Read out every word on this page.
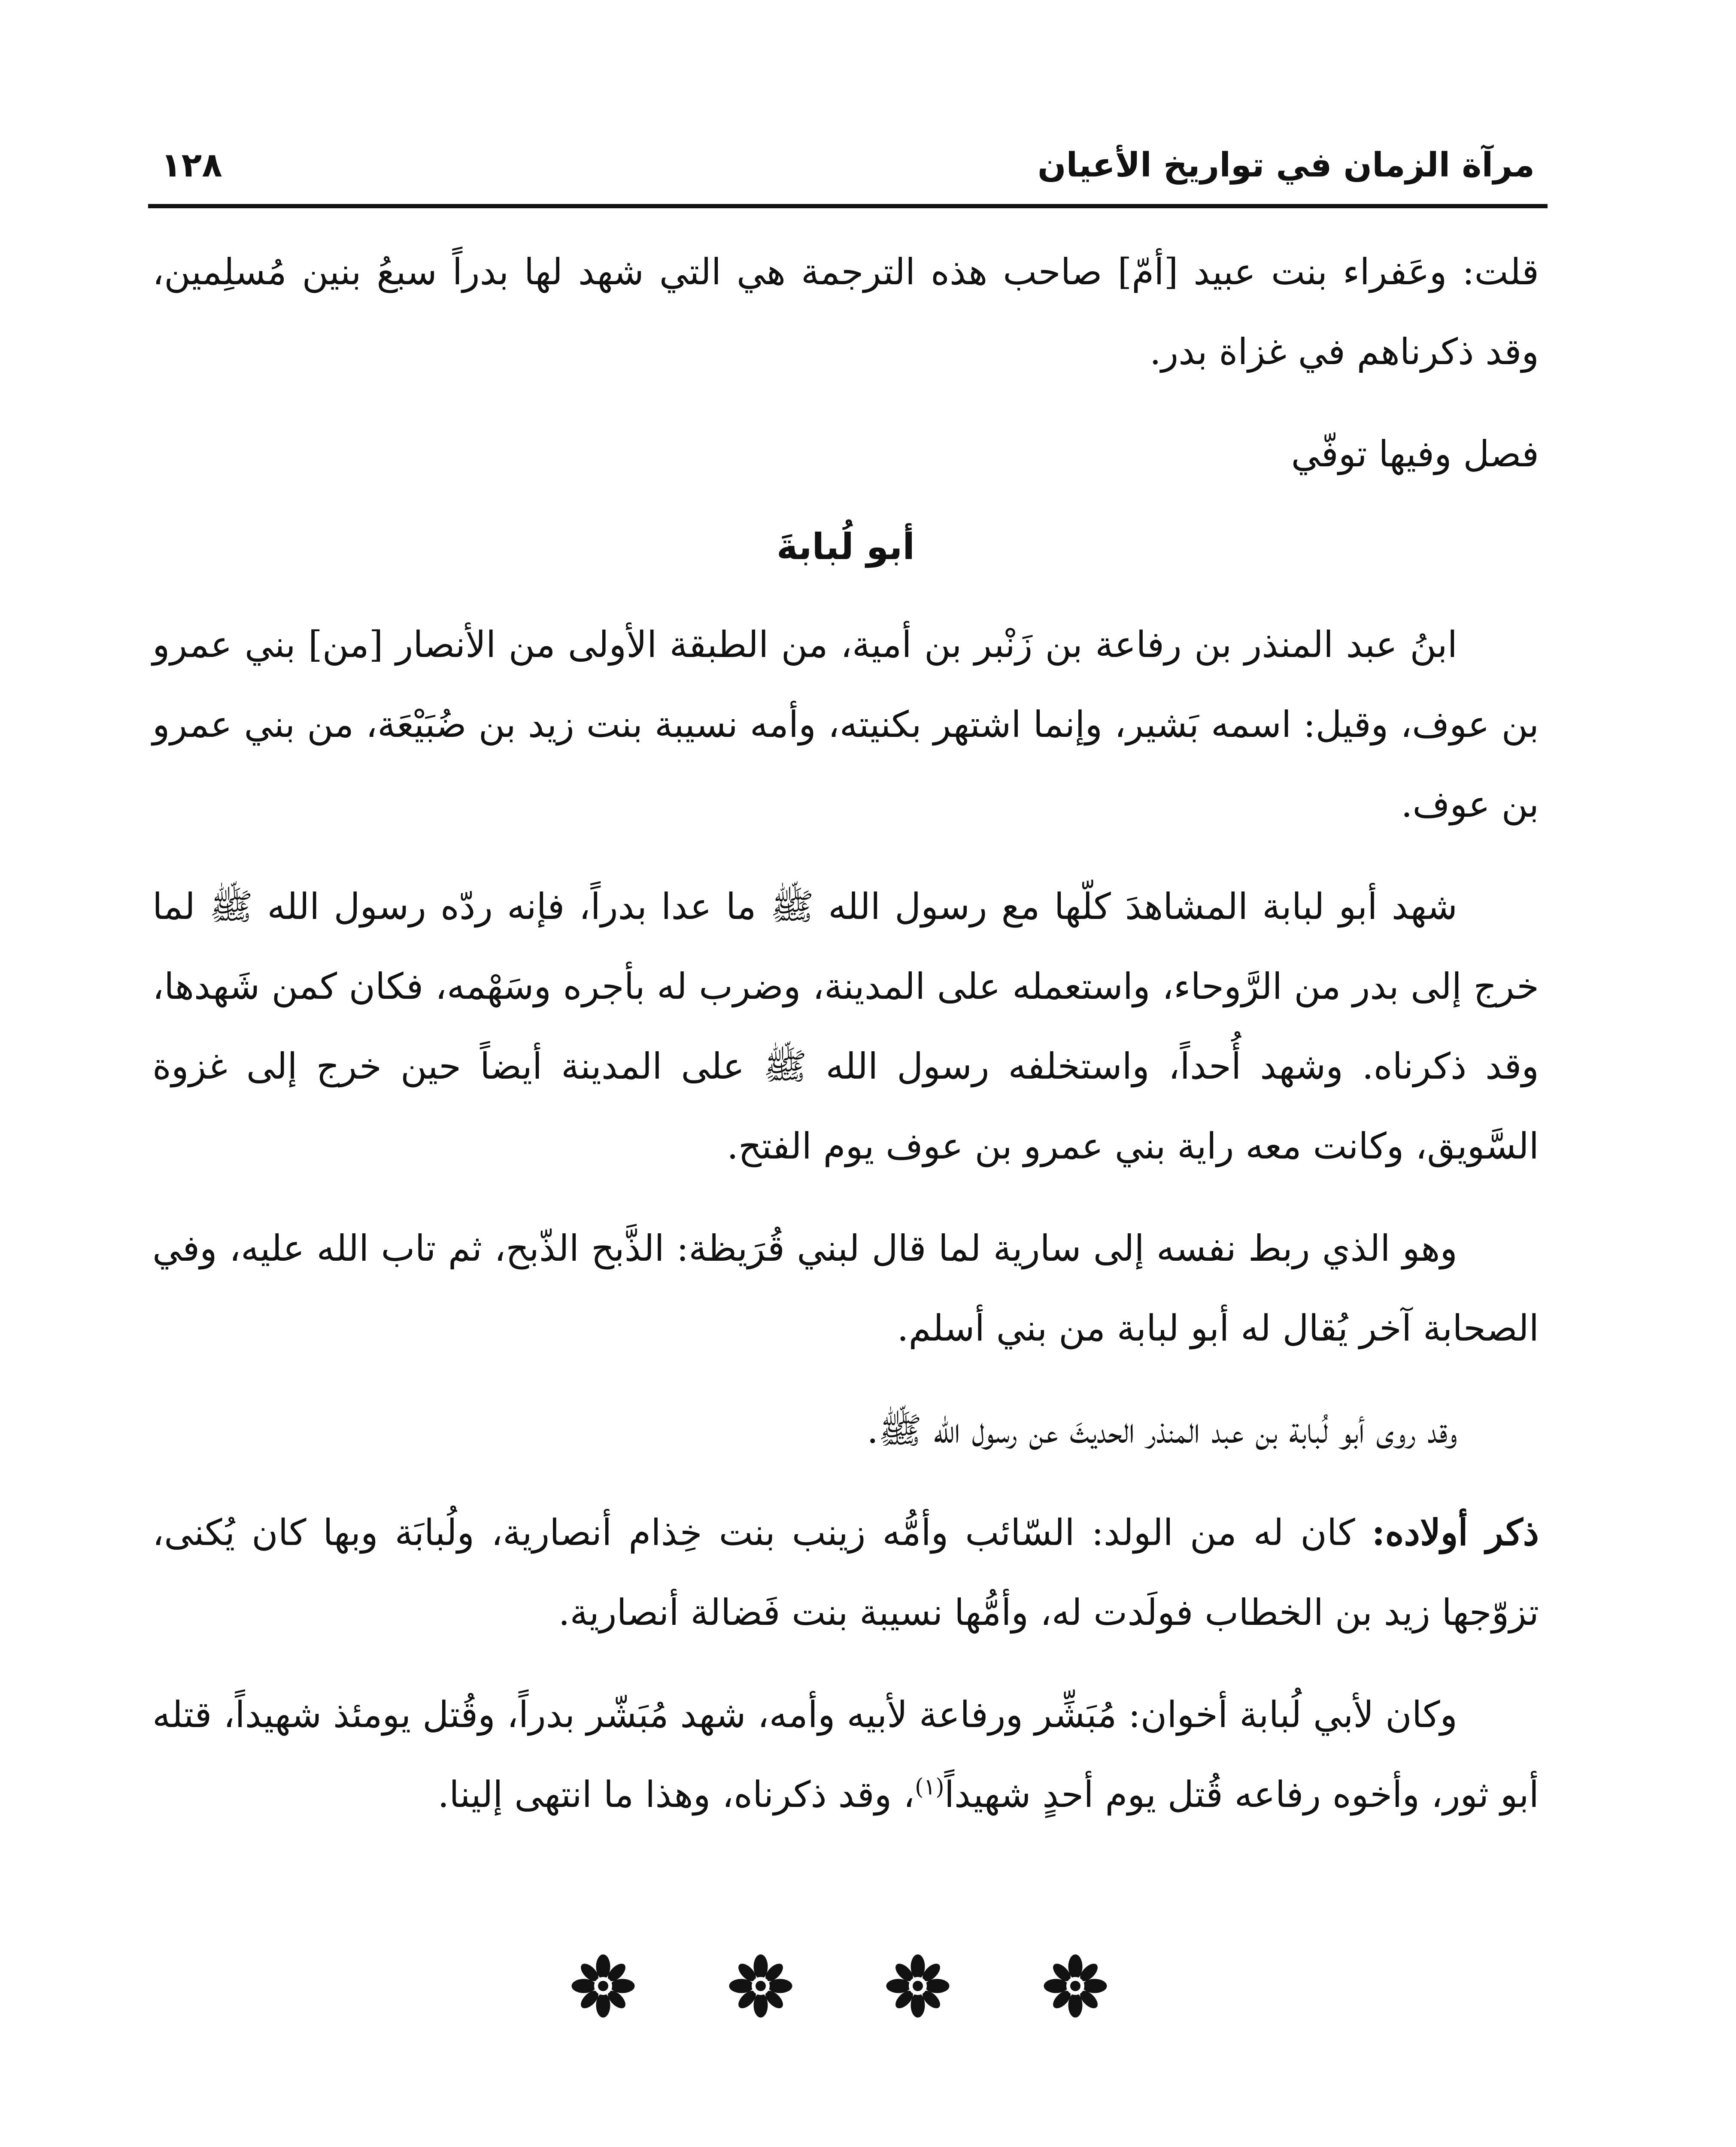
مرآة الزمان في تواريخ الأعيان
١٢٨

قلت: وعَفراء بنت عبيد [أمّ] صاحب هذه الترجمة هي التي شهد لها بدراً سبعُ بنين مُسلِمين، وقد ذكرناهم في غزاة بدر.

فصل وفيها توفّي

أبو لُبابةَ

ابنُ عبد المنذر بن رفاعة بن زَنْبر بن أمية، من الطبقة الأولى من الأنصار [من] بني عمرو بن عوف، وقيل: اسمه بَشير، وإنما اشتهر بكنيته، وأمه نسيبة بنت زيد بن ضُبَيْعَة، من بني عمرو بن عوف.

شهد أبو لبابة المشاهدَ كلّها مع رسول الله ﷺ ما عدا بدراً، فإنه ردّه رسول الله ﷺ لما خرج إلى بدر من الرَّوحاء، واستعمله على المدينة، وضرب له بأجره وسَهْمه، فكان كمن شَهدها، وقد ذكرناه. وشهد أُحداً، واستخلفه رسول الله ﷺ على المدينة أيضاً حين خرج إلى غزوة السَّويق، وكانت معه راية بني عمرو بن عوف يوم الفتح.

وهو الذي ربط نفسه إلى سارية لما قال لبني قُرَيظة: الذَّبح الذّبح، ثم تاب الله عليه، وفي الصحابة آخر يُقال له أبو لبابة من بني أسلم.

وقد روى أبو لُبابة بن عبد المنذر الحديثَ عن رسول الله ﷺ.

ذكر أولاده: كان له من الولد: السّائب وأمُّه زينب بنت خِذام أنصارية، ولُبابَة وبها كان يُكنى، تزوّجها زيد بن الخطاب فولَدت له، وأمُّها نسيبة بنت فَضالة أنصارية.

وكان لأبي لُبابة أخوان: مُبَشِّر ورفاعة لأبيه وأمه، شهد مُبَشّر بدراً، وقُتل يومئذ شهيداً، قتله أبو ثور، وأخوه رفاعه قُتل يوم أحدٍ شهيداً$^{(١)}$، وقد ذكرناه، وهذا ما انتهى إلينا.
